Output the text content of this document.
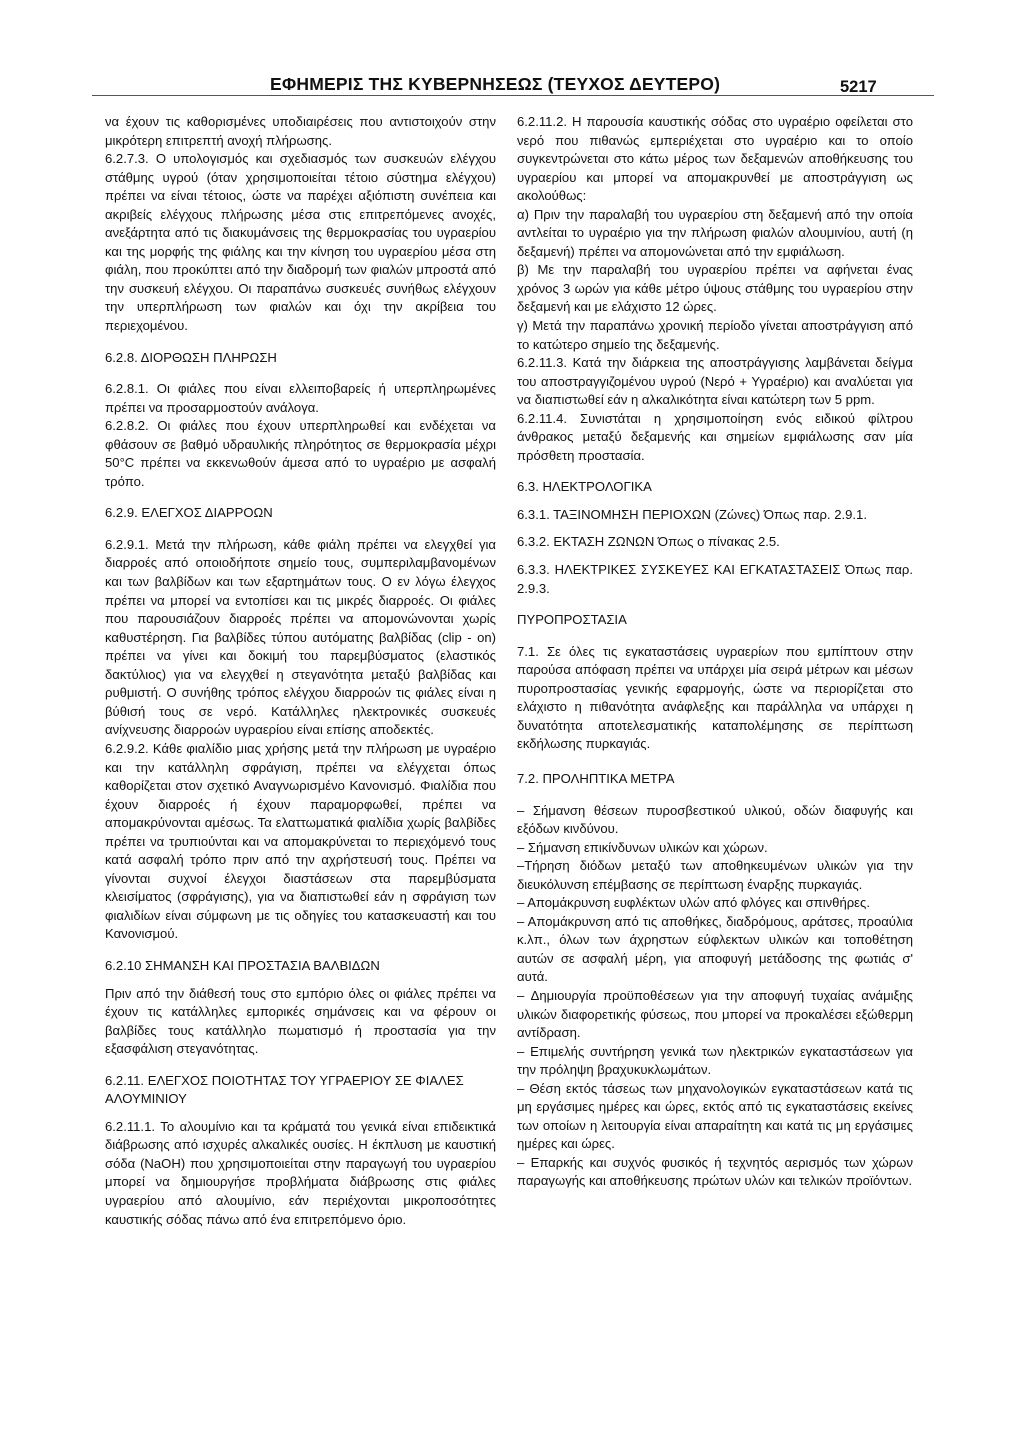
ΕΦΗΜΕΡΙΣ ΤΗΣ ΚΥΒΕΡΝΗΣΕΩΣ (ΤΕΥΧΟΣ ΔΕΥΤΕΡΟ)	5217

να έχουν τις καθορισμένες υποδιαιρέσεις που αντιστοιχούν στην μικρότερη επιτρεπτή ανοχή πλήρωσης.

6.2.7.3. Ο υπολογισμός και σχεδιασμός των συσκευών ελέγχου στάθμης υγρού (όταν χρησιμοποιείται τέτοιο σύστημα ελέγχου) πρέπει να είναι τέτοιος, ώστε να παρέχει αξιόπιστη συνέπεια και ακριβείς ελέγχους πλήρωσης μέσα στις επιτρεπόμενες ανοχές, ανεξάρτητα από τις διακυμάνσεις της θερμοκρασίας του υγραερίου και της μορφής της φιάλης και την κίνηση του υγραερίου μέσα στη φιάλη, που προκύπτει από την διαδρομή των φιαλών μπροστά από την συσκευή ελέγχου. Οι παραπάνω συσκευές συνήθως ελέγχουν την υπερπλήρωση των φιαλών και όχι την ακρίβεια του περιεχομένου.

6.2.8. ΔΙΟΡΘΩΣΗ ΠΛΗΡΩΣΗ

6.2.8.1. Οι φιάλες που είναι ελλειποβαρείς ή υπερπληρωμένες πρέπει να προσαρμοστούν ανάλογα.

6.2.8.2. Οι φιάλες που έχουν υπερπληρωθεί και ενδέχεται να φθάσουν σε βαθμό υδραυλικής πληρότητος σε θερμοκρασία μέχρι 50°C πρέπει να εκκενωθούν άμεσα από το υγραέριο με ασφαλή τρόπο.

6.2.9. ΕΛΕΓΧΟΣ ΔΙΑΡΡΟΩΝ

6.2.9.1. Μετά την πλήρωση, κάθε φιάλη πρέπει να ελεγχθεί για διαρροές από οποιοδήποτε σημείο τους, συμπεριλαμβανομένων και των βαλβίδων και των εξαρτημάτων τους. Ο εν λόγω έλεγχος πρέπει να μπορεί να εντοπίσει και τις μικρές διαρροές. Οι φιάλες που παρουσιάζουν διαρροές πρέπει να απομονώνονται χωρίς καθυστέρηση. Για βαλβίδες τύπου αυτόματης βαλβίδας (clip - on) πρέπει να γίνει και δοκιμή του παρεμβύσματος (ελαστικός δακτύλιος) για να ελεγχθεί η στεγανότητα μεταξύ βαλβίδας και ρυθμιστή. Ο συνήθης τρόπος ελέγχου διαρροών τις φιάλες είναι η βύθισή τους σε νερό. Κατάλληλες ηλεκτρονικές συσκευές ανίχνευσης διαρροών υγραερίου είναι επίσης αποδεκτές.

6.2.9.2. Κάθε φιαλίδιο μιας χρήσης μετά την πλήρωση με υγραέριο και την κατάλληλη σφράγιση, πρέπει να ελέγχεται όπως καθορίζεται στον σχετικό Αναγνωρισμένο Κανονισμό. Φιαλίδια που έχουν διαρροές ή έχουν παραμορφωθεί, πρέπει να απομακρύνονται αμέσως. Τα ελαττωματικά φιαλίδια χωρίς βαλβίδες πρέπει να τρυπιούνται και να απομακρύνεται το περιεχόμενό τους κατά ασφαλή τρόπο πριν από την αχρήστευσή τους. Πρέπει να γίνονται συχνοί έλεγχοι διαστάσεων στα παρεμβύσματα κλεισίματος (σφράγισης), για να διαπιστωθεί εάν η σφράγιση των φιαλιδίων είναι σύμφωνη με τις οδηγίες του κατασκευαστή και του Κανονισμού.

6.2.10 ΣΗΜΑΝΣΗ ΚΑΙ ΠΡΟΣΤΑΣΙΑ ΒΑΛΒΙΔΩΝ

Πριν από την διάθεσή τους στο εμπόριο όλες οι φιάλες πρέπει να έχουν τις κατάλληλες εμπορικές σημάνσεις και να φέρουν οι βαλβίδες τους κατάλληλο πωματισμό ή προστασία για την εξασφάλιση στεγανότητας.

6.2.11. ΕΛΕΓΧΟΣ ΠΟΙΟΤΗΤΑΣ ΤΟΥ ΥΓΡΑΕΡΙΟΥ ΣΕ ΦΙΑΛΕΣ ΑΛΟΥΜΙΝΙΟΥ

6.2.11.1. Το αλουμίνιο και τα κράματά του γενικά είναι επιδεικτικά διάβρωσης από ισχυρές αλκαλικές ουσίες. Η έκπλυση με καυστική σόδα (NaOH) που χρησιμοποιείται στην παραγωγή του υγραερίου μπορεί να δημιουργήσε προβλήματα διάβρωσης στις φιάλες υγραερίου από αλουμίνιο, εάν περιέχονται μικροποσότητες καυστικής σόδας πάνω από ένα επιτρεπόμενο όριο.

6.2.11.2. Η παρουσία καυστικής σόδας στο υγραέριο οφείλεται στο νερό που πιθανώς εμπεριέχεται στο υγραέριο και το οποίο συγκεντρώνεται στο κάτω μέρος των δεξαμενών αποθήκευσης του υγραερίου και μπορεί να απομακρυνθεί με αποστράγγιση ως ακολούθως:

α) Πριν την παραλαβή του υγραερίου στη δεξαμενή από την οποία αντλείται το υγραέριο για την πλήρωση φιαλών αλουμινίου, αυτή (η δεξαμενή) πρέπει να απομονώνεται από την εμφιάλωση.

β) Με την παραλαβή του υγραερίου πρέπει να αφήνεται ένας χρόνος 3 ωρών για κάθε μέτρο ύψους στάθμης του υγραερίου στην δεξαμενή και με ελάχιστο 12 ώρες.

γ) Μετά την παραπάνω χρονική περίοδο γίνεται αποστράγγιση από το κατώτερο σημείο της δεξαμενής.

6.2.11.3. Κατά την διάρκεια της αποστράγγισης λαμβάνεται δείγμα του αποστραγγιζομένου υγρού (Νερό + Υγραέριο) και αναλύεται για να διαπιστωθεί εάν η αλκαλικότητα είναι κατώτερη των 5 ppm.

6.2.11.4. Συνιστάται η χρησιμοποίηση ενός ειδικού φίλτρου άνθρακος μεταξύ δεξαμενής και σημείων εμφιάλωσης σαν μία πρόσθετη προστασία.

6.3. ΗΛΕΚΤΡΟΛΟΓΙΚΑ

6.3.1. ΤΑΞΙΝΟΜΗΣΗ ΠΕΡΙΟΧΩΝ (Ζώνες) Όπως παρ. 2.9.1.

6.3.2. ΕΚΤΑΣΗ ΖΩΝΩΝ Όπως ο πίνακας 2.5.

6.3.3. ΗΛΕΚΤΡΙΚΕΣ ΣΥΣΚΕΥΕΣ ΚΑΙ ΕΓΚΑΤΑΣΤΑΣΕΙΣ Όπως παρ. 2.9.3.

ΠΥΡΟΠΡΟΣΤΑΣΙΑ

7.1. Σε όλες τις εγκαταστάσεις υγραερίων που εμπίπτουν στην παρούσα απόφαση πρέπει να υπάρχει μία σειρά μέτρων και μέσων πυροπροστασίας γενικής εφαρμογής, ώστε να περιορίζεται στο ελάχιστο η πιθανότητα ανάφλεξης και παράλληλα να υπάρχει η δυνατότητα αποτελεσματικής καταπολέμησης σε περίπτωση εκδήλωσης πυρκαγιάς.

7.2. ΠΡΟΛΗΠΤΙΚΑ ΜΕΤΡΑ

– Σήμανση θέσεων πυροσβεστικού υλικού, οδών διαφυγής και εξόδων κινδύνου.

– Σήμανση επικίνδυνων υλικών και χώρων.

–Τήρηση διόδων μεταξύ των αποθηκευμένων υλικών για την διευκόλυνση επέμβασης σε περίπτωση έναρξης πυρκαγιάς.

– Απομάκρυνση ευφλέκτων υλών από φλόγες και σπινθήρες.

– Απομάκρυνση από τις αποθήκες, διαδρόμους, αράτσες, προαύλια κ.λπ., όλων των άχρηστων εύφλεκτων υλικών και τοποθέτηση αυτών σε ασφαλή μέρη, για αποφυγή μετάδοσης της φωτιάς σ' αυτά.

– Δημιουργία προϋποθέσεων για την αποφυγή τυχαίας ανάμιξης υλικών διαφορετικής φύσεως, που μπορεί να προκαλέσει εξώθερμη αντίδραση.

– Επιμελής συντήρηση γενικά των ηλεκτρικών εγκαταστάσεων για την πρόληψη βραχυκυκλωμάτων.

– Θέση εκτός τάσεως των μηχανολογικών εγκαταστάσεων κατά τις μη εργάσιμες ημέρες και ώρες, εκτός από τις εγκαταστάσεις εκείνες των οποίων η λειτουργία είναι απαραίτητη και κατά τις μη εργάσιμες ημέρες και ώρες.

– Επαρκής και συχνός φυσικός ή τεχνητός αερισμός των χώρων παραγωγής και αποθήκευσης πρώτων υλών και τελικών προϊόντων.
